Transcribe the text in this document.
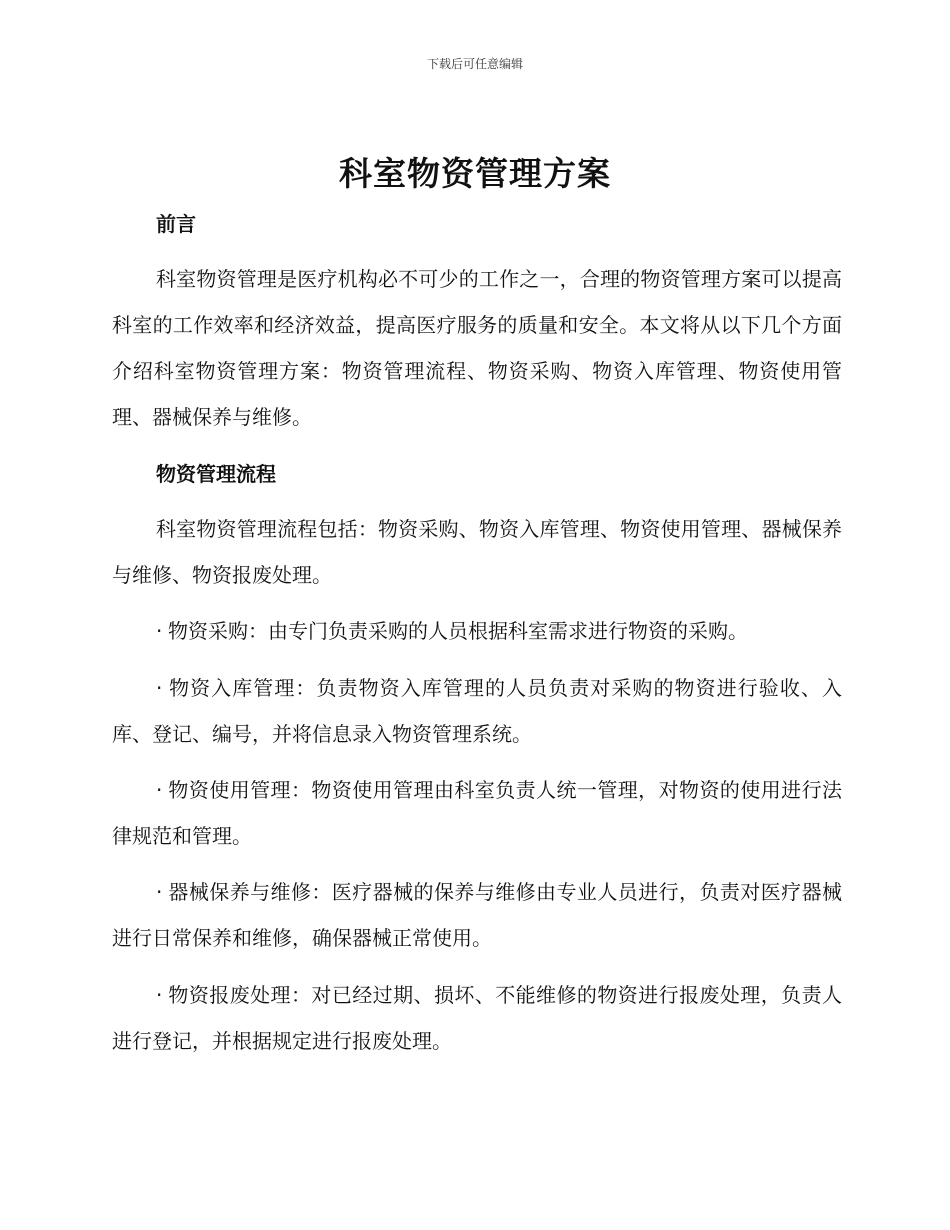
下载后可任意编辑
科室物资管理方案
前言

科室物资管理是医疗机构必不可少的工作之一，合理的物资管理方案可以提高科室的工作效率和经济效益，提高医疗服务的质量和安全。本文将从以下几个方面介绍科室物资管理方案：物资管理流程、物资采购、物资入库管理、物资使用管理、器械保养与维修。

物资管理流程

科室物资管理流程包括：物资采购、物资入库管理、物资使用管理、器械保养与维修、物资报废处理。

· 物资采购：由专门负责采购的人员根据科室需求进行物资的采购。

· 物资入库管理：负责物资入库管理的人员负责对采购的物资进行验收、入库、登记、编号，并将信息录入物资管理系统。

· 物资使用管理：物资使用管理由科室负责人统一管理，对物资的使用进行法律规范和管理。

· 器械保养与维修：医疗器械的保养与维修由专业人员进行，负责对医疗器械进行日常保养和维修，确保器械正常使用。

· 物资报废处理：对已经过期、损坏、不能维修的物资进行报废处理，负责人进行登记，并根据规定进行报废处理。
